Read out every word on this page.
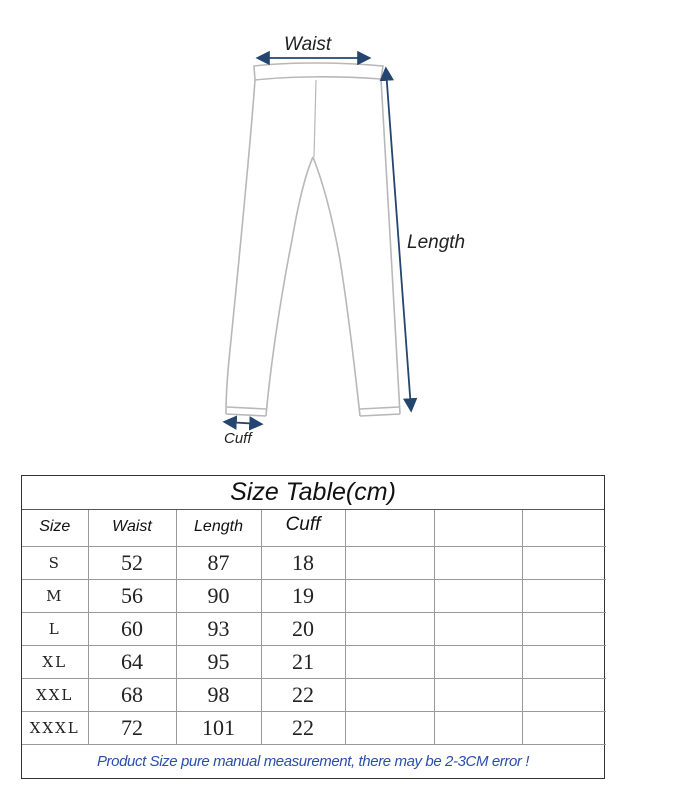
Waist
Length
Cuff
Size Table(cm)
Size	Waist	Length	Cuff			
S	52	87	18			
M	56	90	19			
L	60	93	20			
XL	64	95	21			
XXL	68	98	22			
XXXL	72	101	22			
Product Size pure manual measurement, there may be 2-3CM error !
